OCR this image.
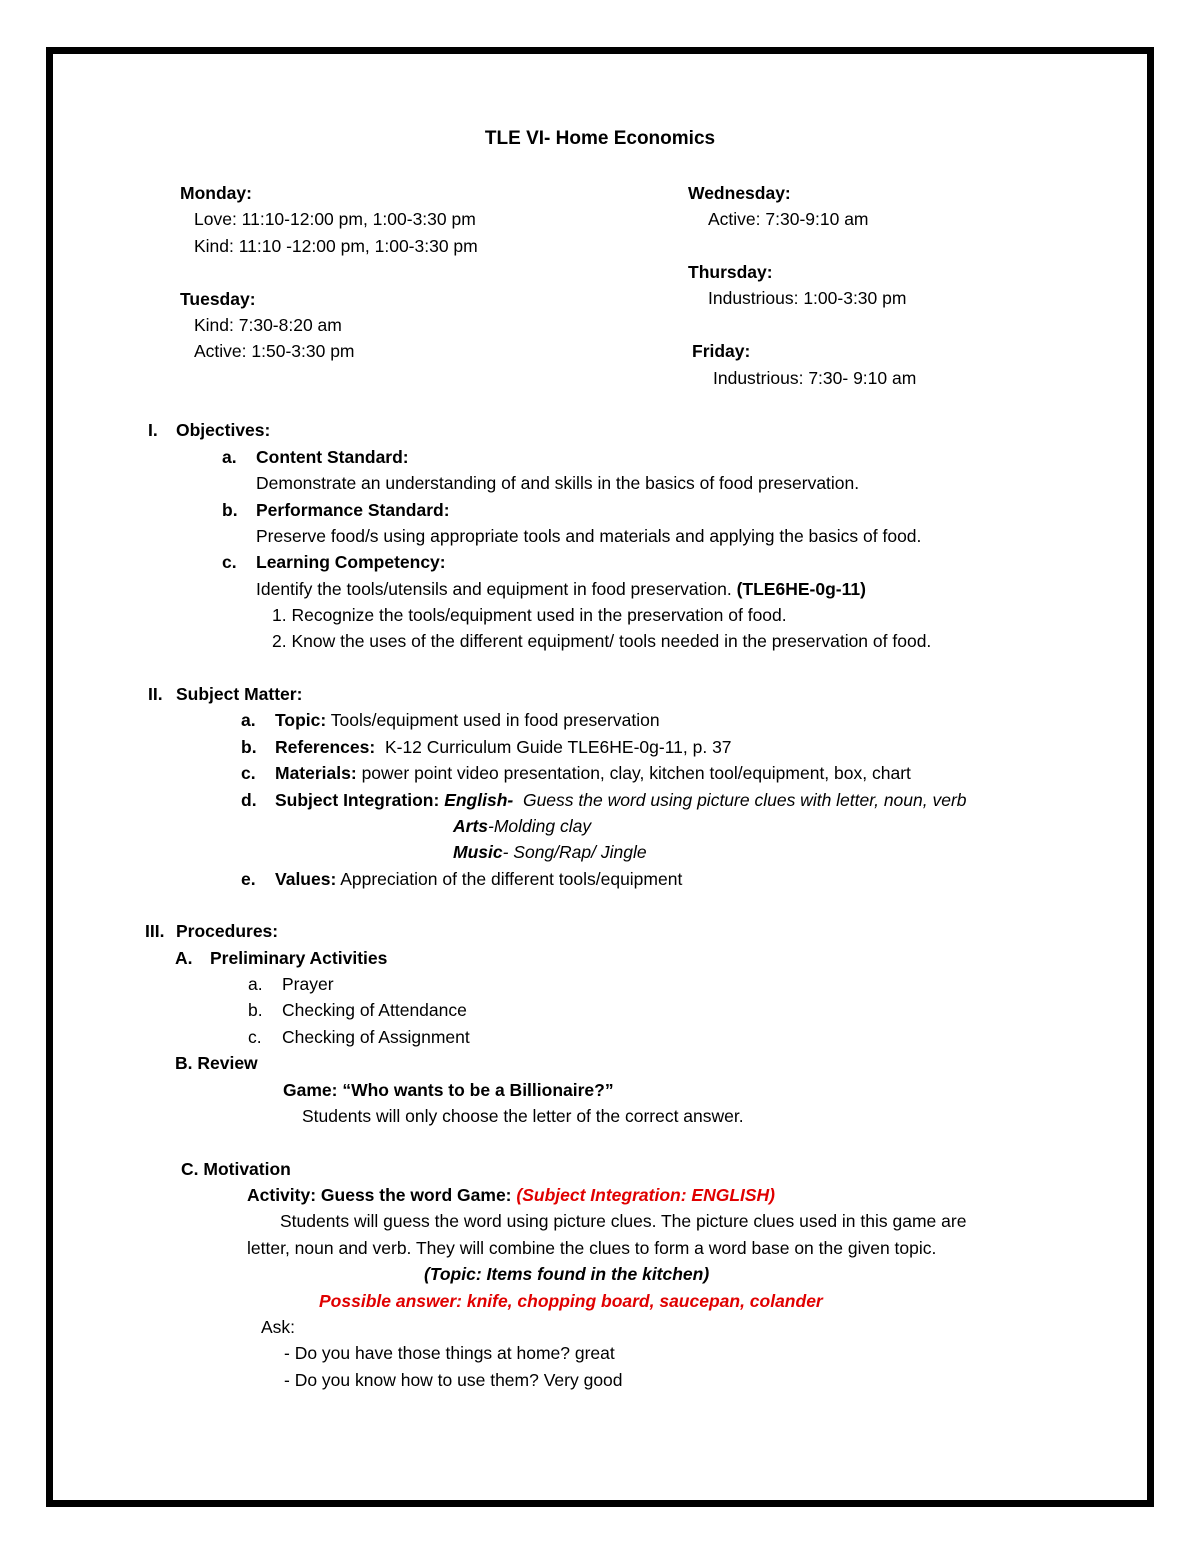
TLE VI- Home Economics
Monday:
Love: 11:10-12:00 pm, 1:00-3:30 pm
Kind: 11:10 -12:00 pm, 1:00-3:30 pm
Tuesday:
Kind: 7:30-8:20 am
Active: 1:50-3:30 pm
Wednesday:
Active: 7:30-9:10 am
Thursday:
Industrious: 1:00-3:30 pm
Friday:
Industrious: 7:30- 9:10 am
I. Objectives:
a. Content Standard:
Demonstrate an understanding of and skills in the basics of food preservation.
b. Performance Standard:
Preserve food/s using appropriate tools and materials and applying the basics of food.
c. Learning Competency:
Identify the tools/utensils and equipment in food preservation. (TLE6HE-0g-11)
1. Recognize the tools/equipment used in the preservation of food.
2. Know the uses of the different equipment/ tools needed in the preservation of food.
II. Subject Matter:
a. Topic: Tools/equipment used in food preservation
b. References: K-12 Curriculum Guide TLE6HE-0g-11, p. 37
c. Materials: power point video presentation, clay, kitchen tool/equipment, box, chart
d. Subject Integration: English- Guess the word using picture clues with letter, noun, verb
Arts-Molding clay
Music- Song/Rap/ Jingle
e. Values: Appreciation of the different tools/equipment
III. Procedures:
A. Preliminary Activities
a. Prayer
b. Checking of Attendance
c. Checking of Assignment
B. Review
Game: “Who wants to be a Billionaire?”
Students will only choose the letter of the correct answer.
C. Motivation
Activity: Guess the word Game: (Subject Integration: ENGLISH)
Students will guess the word using picture clues. The picture clues used in this game are
letter, noun and verb. They will combine the clues to form a word base on the given topic.
(Topic: Items found in the kitchen)
Possible answer: knife, chopping board, saucepan, colander
Ask:
- Do you have those things at home? great
- Do you know how to use them? Very good
